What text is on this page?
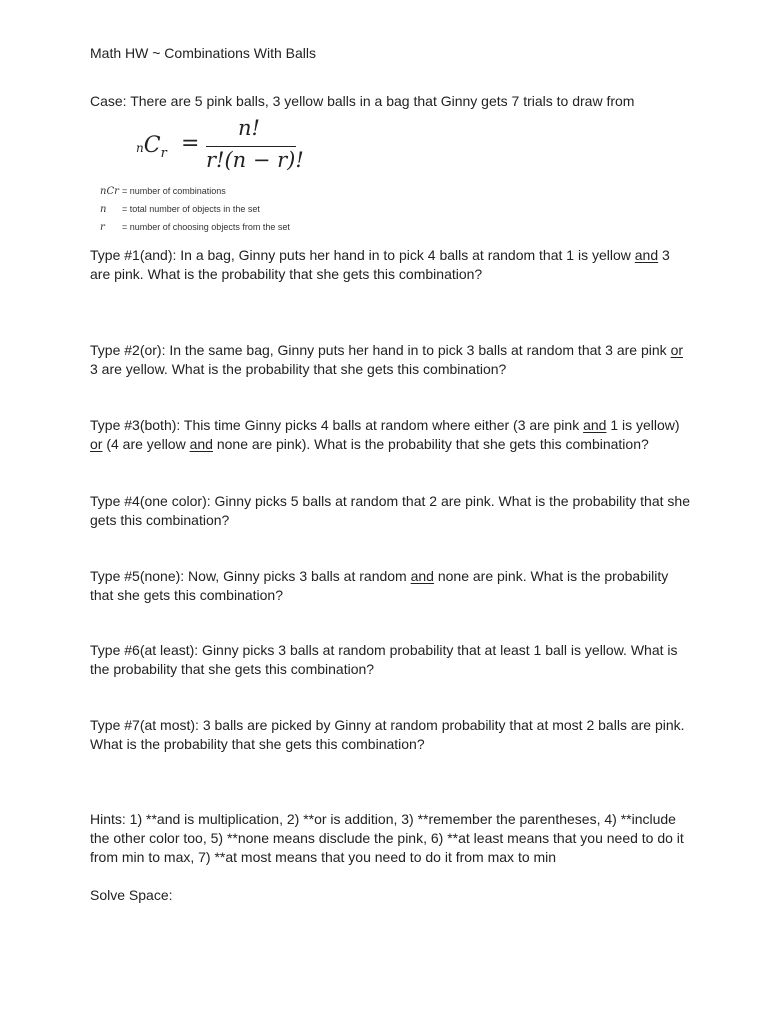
Math HW ~ Combinations With Balls
Case: There are 5 pink balls, 3 yellow balls in a bag that Ginny gets 7 trials to draw from
$nC_r$ =
n!
r!(n − r)!
nCr = number of combinations
n = total number of objects in the set
r = number of choosing objects from the set
Type #1(and): In a bag, Ginny puts her hand in to pick 4 balls at random that 1 is yellow and 3 are pink. What is the probability that she gets this combination?
Type #2(or): In the same bag, Ginny puts her hand in to pick 3 balls at random that 3 are pink or 3 are yellow. What is the probability that she gets this combination?
Type #3(both): This time Ginny picks 4 balls at random where either (3 are pink and 1 is yellow) or (4 are yellow and none are pink). What is the probability that she gets this combination?
Type #4(one color): Ginny picks 5 balls at random that 2 are pink. What is the probability that she gets this combination?
Type #5(none): Now, Ginny picks 3 balls at random and none are pink. What is the probability that she gets this combination?
Type #6(at least): Ginny picks 3 balls at random probability that at least 1 ball is yellow. What is the probability that she gets this combination?
Type #7(at most): 3 balls are picked by Ginny at random probability that at most 2 balls are pink. What is the probability that she gets this combination?
Hints: 1) **and is multiplication, 2) **or is addition, 3) **remember the parentheses, 4) **include the other color too, 5) **none means disclude the pink, 6) **at least means that you need to do it from min to max, 7) **at most means that you need to do it from max to min
Solve Space:
